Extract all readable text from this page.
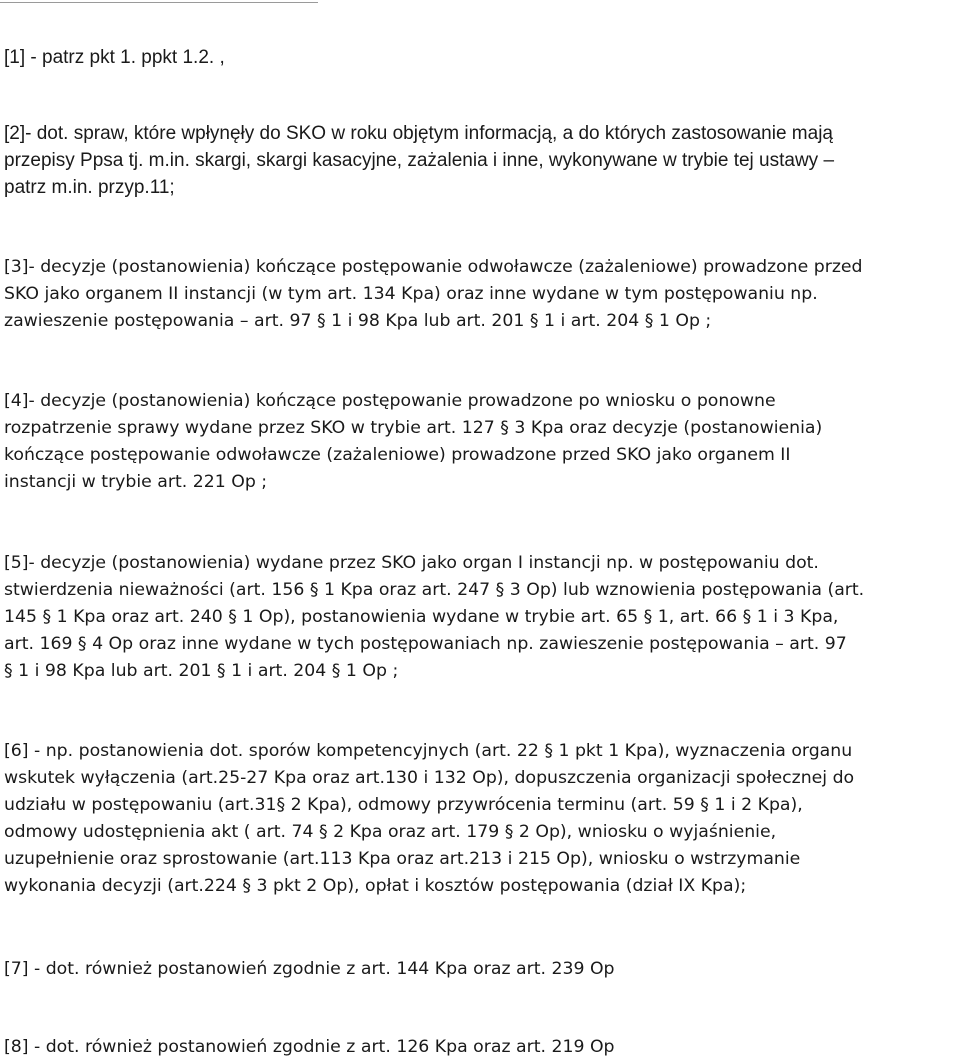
[1] - patrz pkt 1. ppkt 1.2. ,

[2]- dot. spraw, które wpłynęły do SKO w roku objętym informacją, a do których zastosowanie mają
przepisy Ppsa tj. m.in. skargi, skargi kasacyjne, zażalenia i inne, wykonywane w trybie tej ustawy –
patrz m.in. przyp.11;

[3]- decyzje (postanowienia) kończące postępowanie odwoławcze (zażaleniowe) prowadzone przed
SKO jako organem II instancji (w tym art. 134 Kpa) oraz inne wydane w tym postępowaniu np.
zawieszenie postępowania – art. 97 § 1 i 98 Kpa lub art. 201 § 1 i art. 204 § 1 Op ;

[4]- decyzje (postanowienia) kończące postępowanie prowadzone po wniosku o ponowne
rozpatrzenie sprawy wydane przez SKO w trybie art. 127 § 3 Kpa oraz decyzje (postanowienia)
kończące postępowanie odwoławcze (zażaleniowe) prowadzone przed SKO jako organem II
instancji w trybie art. 221 Op ;

[5]- decyzje (postanowienia) wydane przez SKO jako organ I instancji np. w postępowaniu dot.
stwierdzenia nieważności (art. 156 § 1 Kpa oraz art. 247 § 3 Op) lub wznowienia postępowania (art.
145 § 1 Kpa oraz art. 240 § 1 Op), postanowienia wydane w trybie art. 65 § 1, art. 66 § 1 i 3 Kpa,
art. 169 § 4 Op oraz inne wydane w tych postępowaniach np. zawieszenie postępowania – art. 97
§ 1 i 98 Kpa lub art. 201 § 1 i art. 204 § 1 Op ;

[6] - np. postanowienia dot. sporów kompetencyjnych (art. 22 § 1 pkt 1 Kpa), wyznaczenia organu
wskutek wyłączenia (art.25-27 Kpa oraz art.130 i 132 Op), dopuszczenia organizacji społecznej do
udziału w postępowaniu (art.31§ 2 Kpa), odmowy przywrócenia terminu (art. 59 § 1 i 2 Kpa),
odmowy udostępnienia akt ( art. 74 § 2 Kpa oraz art. 179 § 2 Op), wniosku o wyjaśnienie,
uzupełnienie oraz sprostowanie (art.113 Kpa oraz art.213 i 215 Op), wniosku o wstrzymanie
wykonania decyzji (art.224 § 3 pkt 2 Op), opłat i kosztów postępowania (dział IX Kpa);

[7] - dot. również postanowień zgodnie z art. 144 Kpa oraz art. 239 Op

[8] - dot. również postanowień zgodnie z art. 126 Kpa oraz art. 219 Op
